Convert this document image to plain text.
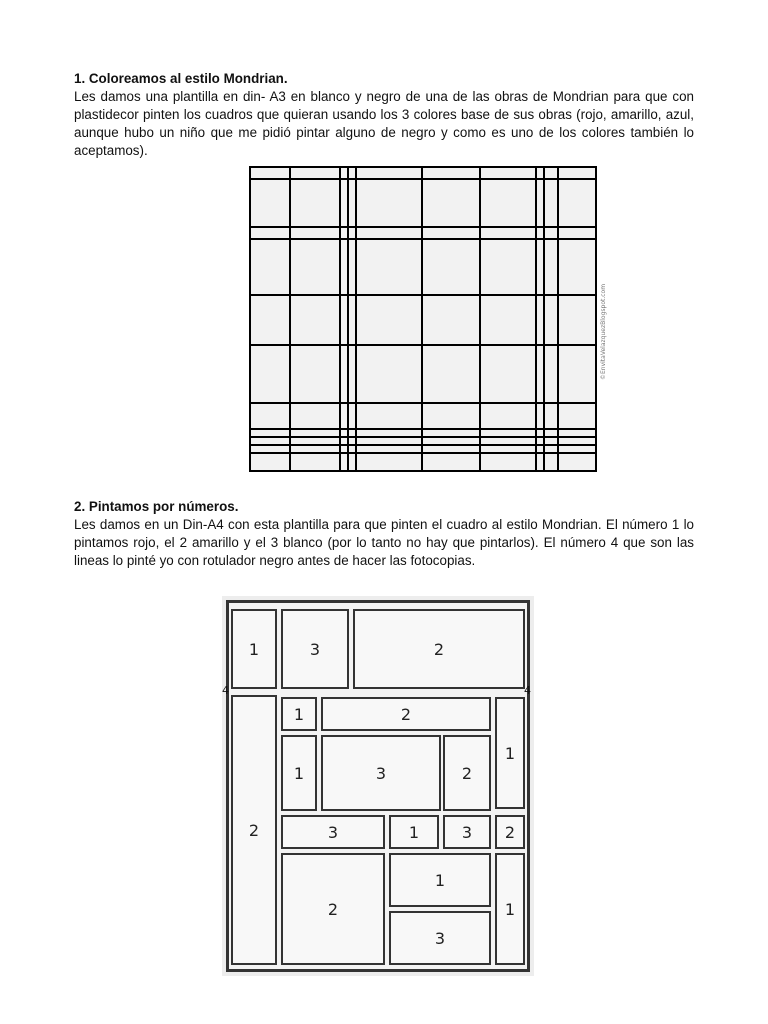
1. Coloreamos al estilo Mondrian.

Les damos una plantilla en din- A3 en blanco y negro de una de las obras de Mondrian para que con plastidecor pinten los cuadros que quieran usando los 3 colores base de sus obras (rojo, amarillo, azul, aunque hubo un niño que me pidió pintar alguno de negro y como es uno de los colores también lo aceptamos).

©EnvitaVelazquezBlogspot.com

2. Pintamos por números.

Les damos en un Din-A4 con esta plantilla para que pinten el cuadro al estilo Mondrian. El número 1 lo pintamos rojo, el 2 amarillo y el 3 blanco (por lo tanto no hay que pintarlos). El número 4 que son las lineas lo pinté yo con rotulador negro antes de hacer las fotocopias.

1	3	2
2
1	2
1
1	3	2
3	1	3 2
2
1
1
3
4	4
